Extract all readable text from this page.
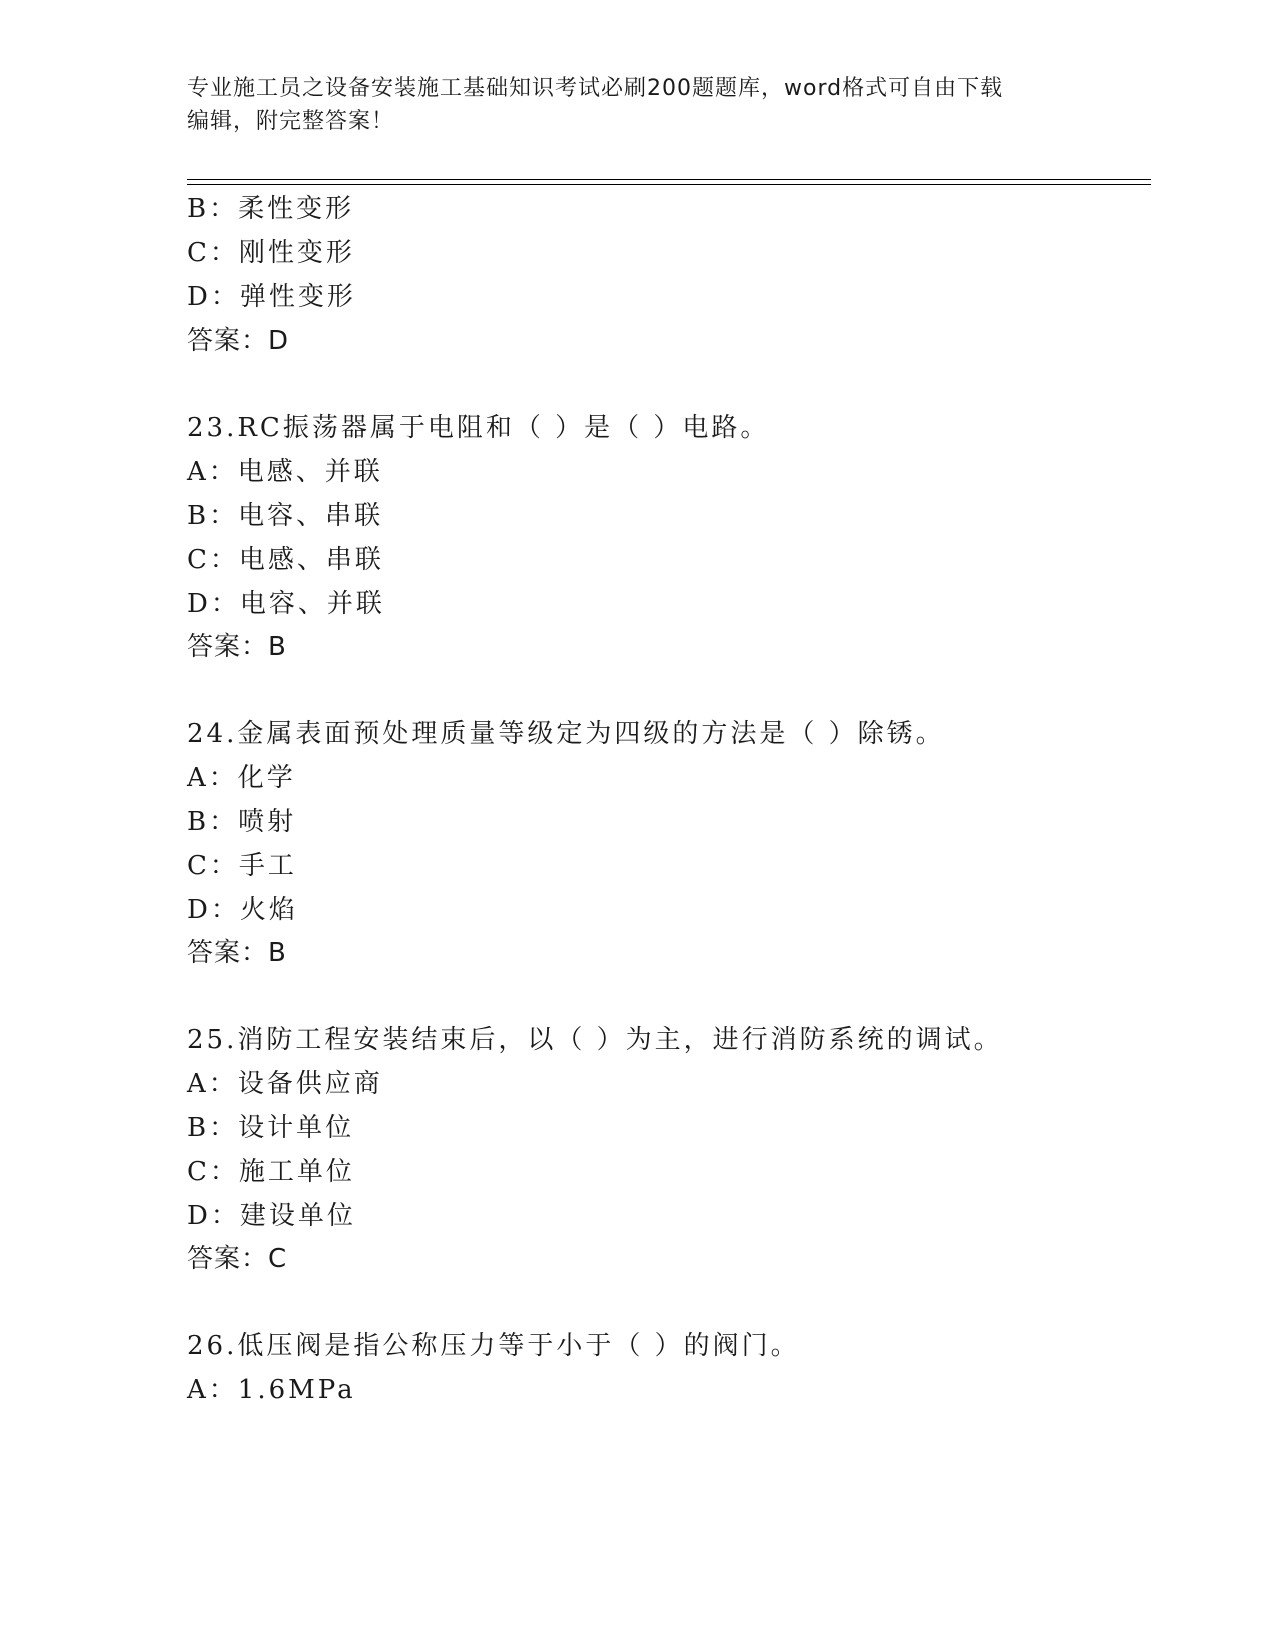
专业施工员之设备安装施工基础知识考试必刷200题题库，word格式可自由下载
编辑，附完整答案！
B：柔性变形
C：刚性变形
D：弹性变形
答案：D
23.RC振荡器属于电阻和（ ）是（ ）电路。
A：电感、并联
B：电容、串联
C：电感、串联
D：电容、并联
答案：B
24.金属表面预处理质量等级定为四级的方法是（ ）除锈。
A：化学
B：喷射
C：手工
D：火焰
答案：B
25.消防工程安装结束后，以（ ）为主，进行消防系统的调试。
A：设备供应商
B：设计单位
C：施工单位
D：建设单位
答案：C
26.低压阀是指公称压力等于小于（ ）的阀门。
A：1.6MPa
